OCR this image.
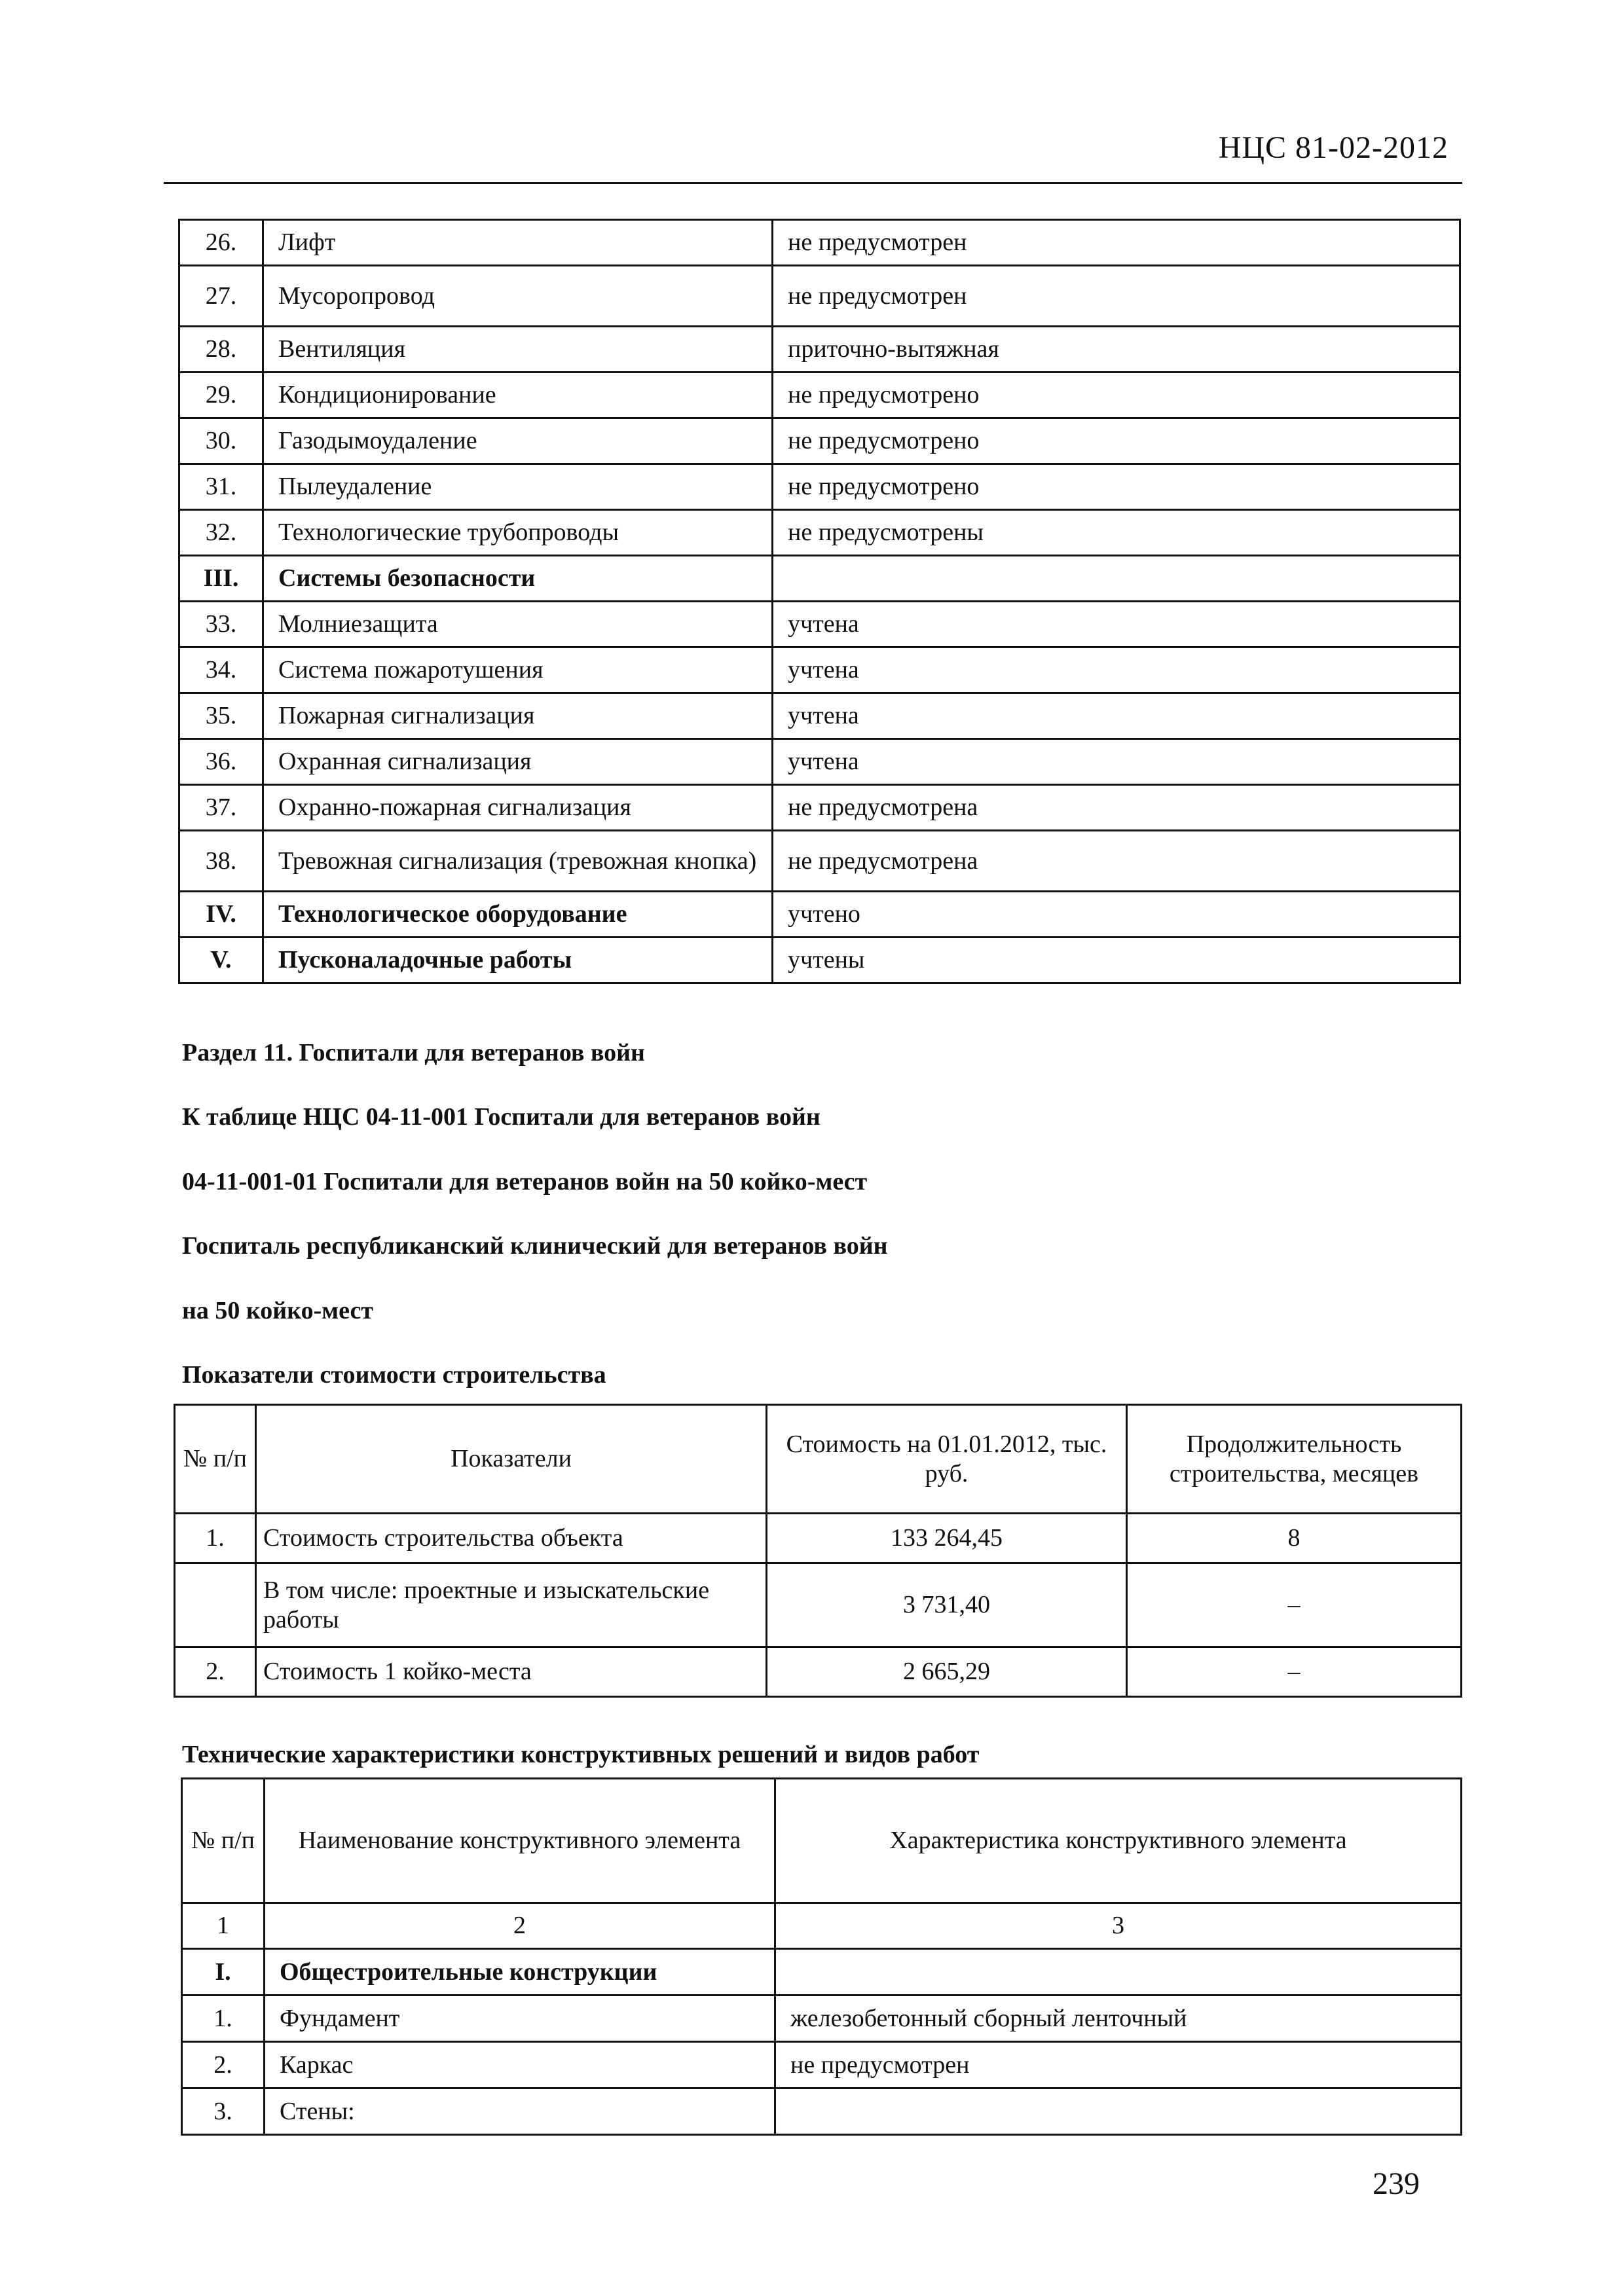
НЦС 81-02-2012
26.	Лифт	не предусмотрен
27.	Мусоропровод	не предусмотрен
28.	Вентиляция	приточно-вытяжная
29.	Кондиционирование	не предусмотрено
30.	Газодымоудаление	не предусмотрено
31.	Пылеудаление	не предусмотрено
32.	Технологические трубопроводы	не предусмотрены
III.	Системы безопасности	
33.	Молниезащита	учтена
34.	Система пожаротушения	учтена
35.	Пожарная сигнализация	учтена
36.	Охранная сигнализация	учтена
37.	Охранно-пожарная сигнализация	не предусмотрена
38.	Тревожная сигнализация (тревожная кнопка)	не предусмотрена
IV.	Технологическое оборудование	учтено
V.	Пусконаладочные работы	учтены
Раздел 11. Госпитали для ветеранов войн
К таблице НЦС 04-11-001 Госпитали для ветеранов войн
04-11-001-01 Госпитали для ветеранов войн на 50 койко-мест
Госпиталь республиканский клинический для ветеранов войн
на 50 койко-мест
Показатели стоимости строительства
№ п/п	Показатели	Стоимость на 01.01.2012, тыс. руб.	Продолжительность строительства, месяцев
1.	Стоимость строительства объекта	133 264,45	8
	В том числе: проектные и изыскательские работы	3 731,40	–
2.	Стоимость 1 койко-места	2 665,29	–
Технические характеристики конструктивных решений и видов работ
№ п/п	Наименование конструктивного элемента	Характеристика конструктивного элемента
1	2	3
I.	Общестроительные конструкции	
1.	Фундамент	железобетонный сборный ленточный
2.	Каркас	не предусмотрен
3.	Стены:	
239
